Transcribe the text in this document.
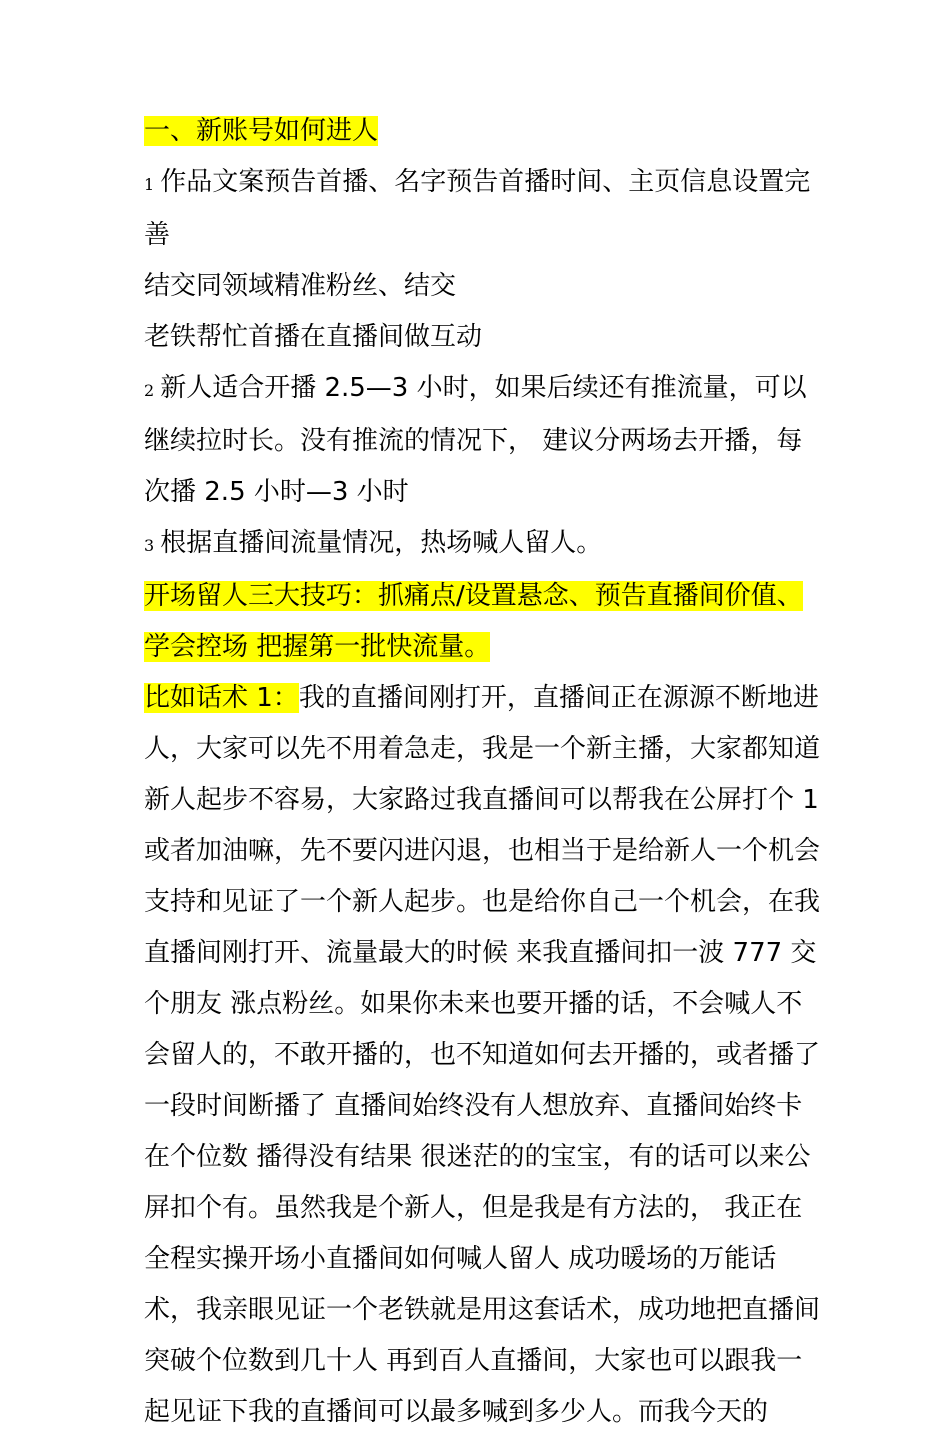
一、新账号如何进人

1 作品文案预告首播、名字预告首播时间、主页信息设置完善

结交同领域精准粉丝、结交

老铁帮忙首播在直播间做互动

2 新人适合开播 2.5—3 小时，如果后续还有推流量，可以继续拉时长。没有推流的情况下， 建议分两场去开播，每次播 2.5 小时—3 小时

3 根据直播间流量情况，热场喊人留人。

开场留人三大技巧：抓痛点/设置悬念、预告直播间价值、学会控场 把握第一批快流量。

比如话术 1：我的直播间刚打开，直播间正在源源不断地进人，大家可以先不用着急走，我是一个新主播，大家都知道新人起步不容易，大家路过我直播间可以帮我在公屏打个 1 或者加油嘛，先不要闪进闪退，也相当于是给新人一个机会 支持和见证了一个新人起步。也是给你自己一个机会，在我直播间刚打开、流量最大的时候 来我直播间扣一波 777 交个朋友 涨点粉丝。如果你未来也要开播的话，不会喊人不会留人的，不敢开播的，也不知道如何去开播的，或者播了一段时间断播了 直播间始终没有人想放弃、直播间始终卡在个位数 播得没有结果 很迷茫的的宝宝，有的话可以来公屏扣个有。虽然我是个新人，但是我是有方法的， 我正在全程实操开场小直播间如何喊人留人 成功暖场的万能话术，我亲眼见证一个老铁就是用这套话术，成功地把直播间突破个位数到几十人 再到百人直播间，大家也可以跟我一起见证下我的直播间可以最多喊到多少人。而我今天的
